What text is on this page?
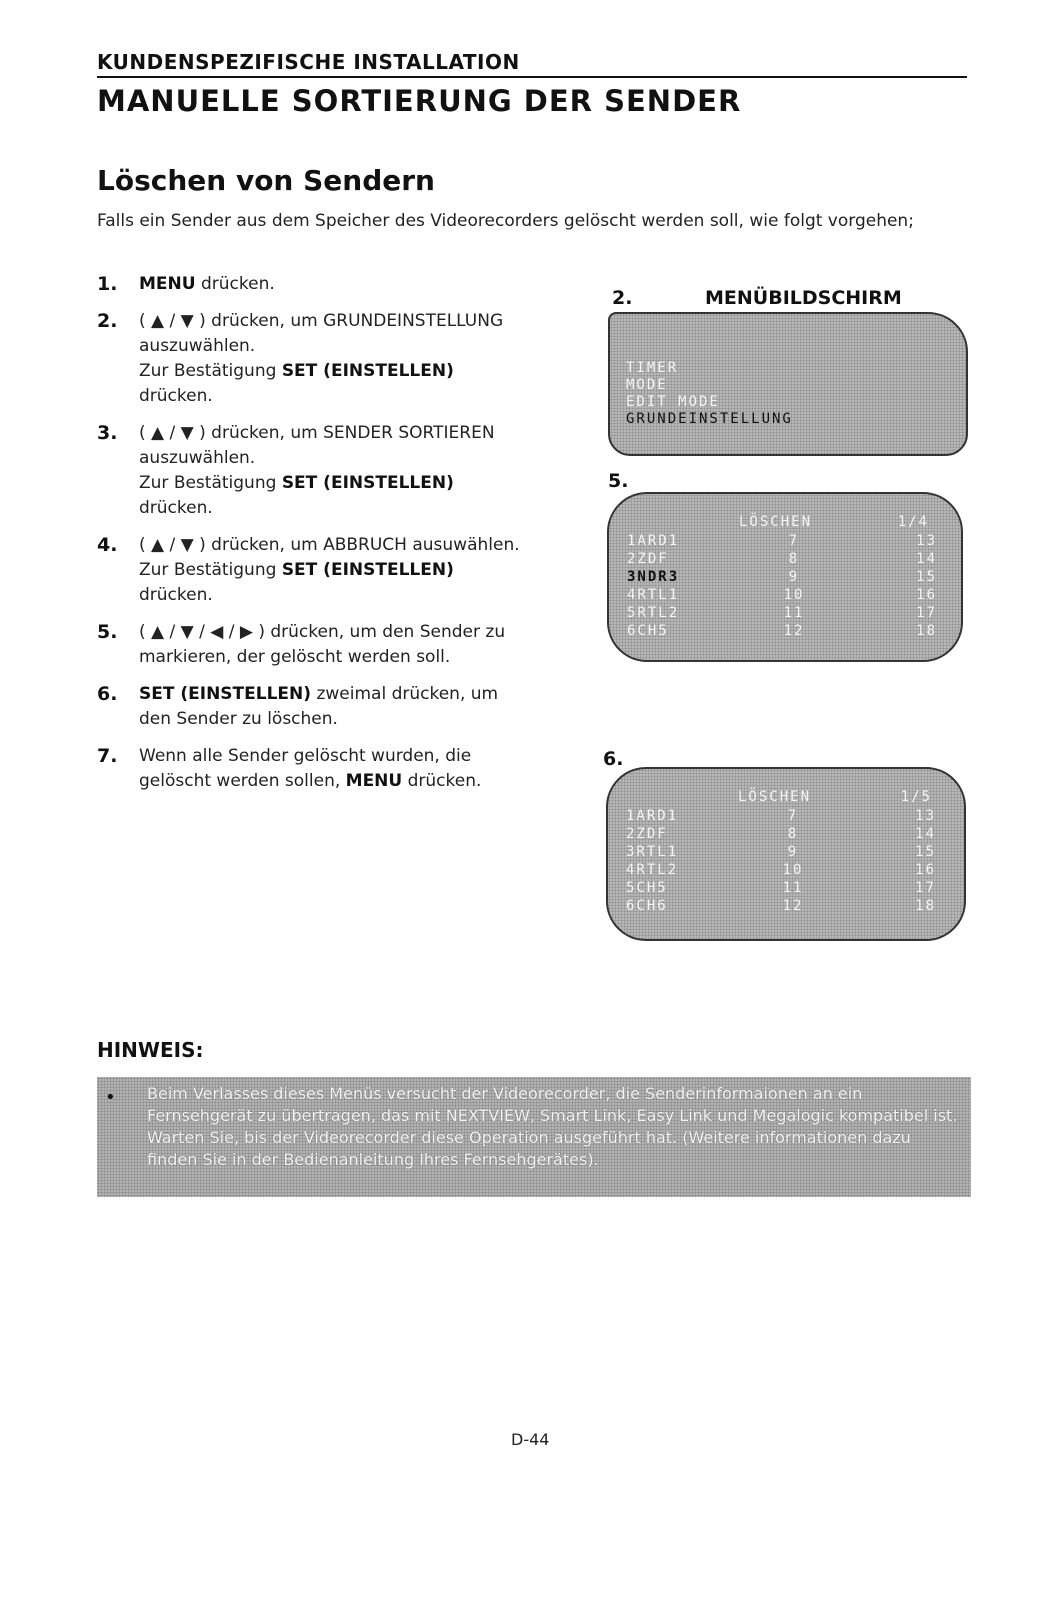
KUNDENSPEZIFISCHE INSTALLATION
MANUELLE SORTIERUNG DER SENDER
Löschen von Sendern
Falls ein Sender aus dem Speicher des Videorecorders gelöscht werden soll, wie folgt vorgehen;
1. MENU drücken.
2. ( ▲ / ▼ ) drücken, um GRUNDEINSTELLUNG
auszuwählen.
Zur Bestätigung SET (EINSTELLEN)
drücken.
3. ( ▲ / ▼ ) drücken, um SENDER SORTIEREN
auszuwählen.
Zur Bestätigung SET (EINSTELLEN)
drücken.
4. ( ▲ / ▼ ) drücken, um ABBRUCH ausuwählen.
Zur Bestätigung SET (EINSTELLEN)
drücken.
5. ( ▲ / ▼ / ◀ / ▶ ) drücken, um den Sender zu
markieren, der gelöscht werden soll.
6. SET (EINSTELLEN) zweimal drücken, um
den Sender zu löschen.
7. Wenn alle Sender gelöscht wurden, die
gelöscht werden sollen, MENU drücken.
2.	MENÜBILDSCHIRM
TIMER
MODE
EDIT MODE
GRUNDEINSTELLUNG
5.
LÖSCHEN	1/4
1ARD1	7	13
2ZDF	8	14
3NDR3	9	15
4RTL1	10	16
5RTL2	11	17
6CH5	12	18
6.
LÖSCHEN	1/5
1ARD1	7	13
2ZDF	8	14
3RTL1	9	15
4RTL2	10	16
5CH5	11	17
6CH6	12	18
HINWEIS:
• Beim Verlasses dieses Menüs versucht der Videorecorder, die Senderinformaionen an ein Fernsehgerät zu übertragen, das mit NEXTVIEW, Smart Link, Easy Link und Megalogic kompatibel ist. Warten Sie, bis der Videorecorder diese Operation ausgeführt hat. (Weitere informationen dazu finden Sie in der Bedienanleitung Ihres Fernsehgerätes).
D-44
